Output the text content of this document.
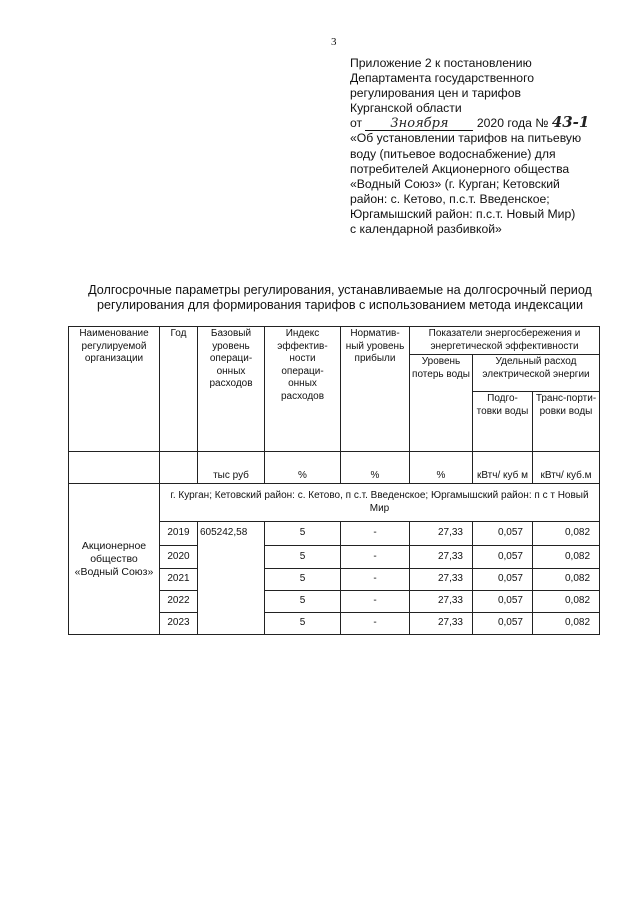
3
Приложение 2 к постановлению
Департамента государственного
регулирования цен и тарифов
Курганской области
от 3ноября 2020 года № 43-1
«Об установлении тарифов на питьевую
воду (питьевое водоснабжение) для
потребителей Акционерного общества
«Водный Союз» (г. Курган; Кетовский
район: с. Кетово, п.с.т. Введенское;
Юргамышский район: п.с.т. Новый Мир)
с календарной разбивкой»
Долгосрочные параметры регулирования, устанавливаемые на долгосрочный период
регулирования для формирования тарифов с использованием метода индексации
Наименование регулируемой организации	Год	Базовый уровень операци-онных расходов	Индекс эффектив-ности операци-онных расходов	Норматив-ный уровень прибыли	Показатели энергосбережения и энергетической эффективности		
					Уровень потерь воды	Удельный расход электрической энергии	
						Подго-товки воды	Транс-порти-ровки воды
		тыс руб	%	%	%	кВтч/ куб м	кВтч/ куб.м
Акционерное общество «Водный Союз»	г. Курган; Кетовский район: с. Кетово, п с.т. Введенское; Юргамышский район: п с т Новый Мир						
	2019	605242,58	5	-	27,33	0,057	0,082
	2020		5	-	27,33	0,057	0,082
	2021		5	-	27,33	0,057	0,082
	2022		5	-	27,33	0,057	0,082
	2023		5	-	27,33	0,057	0,082
